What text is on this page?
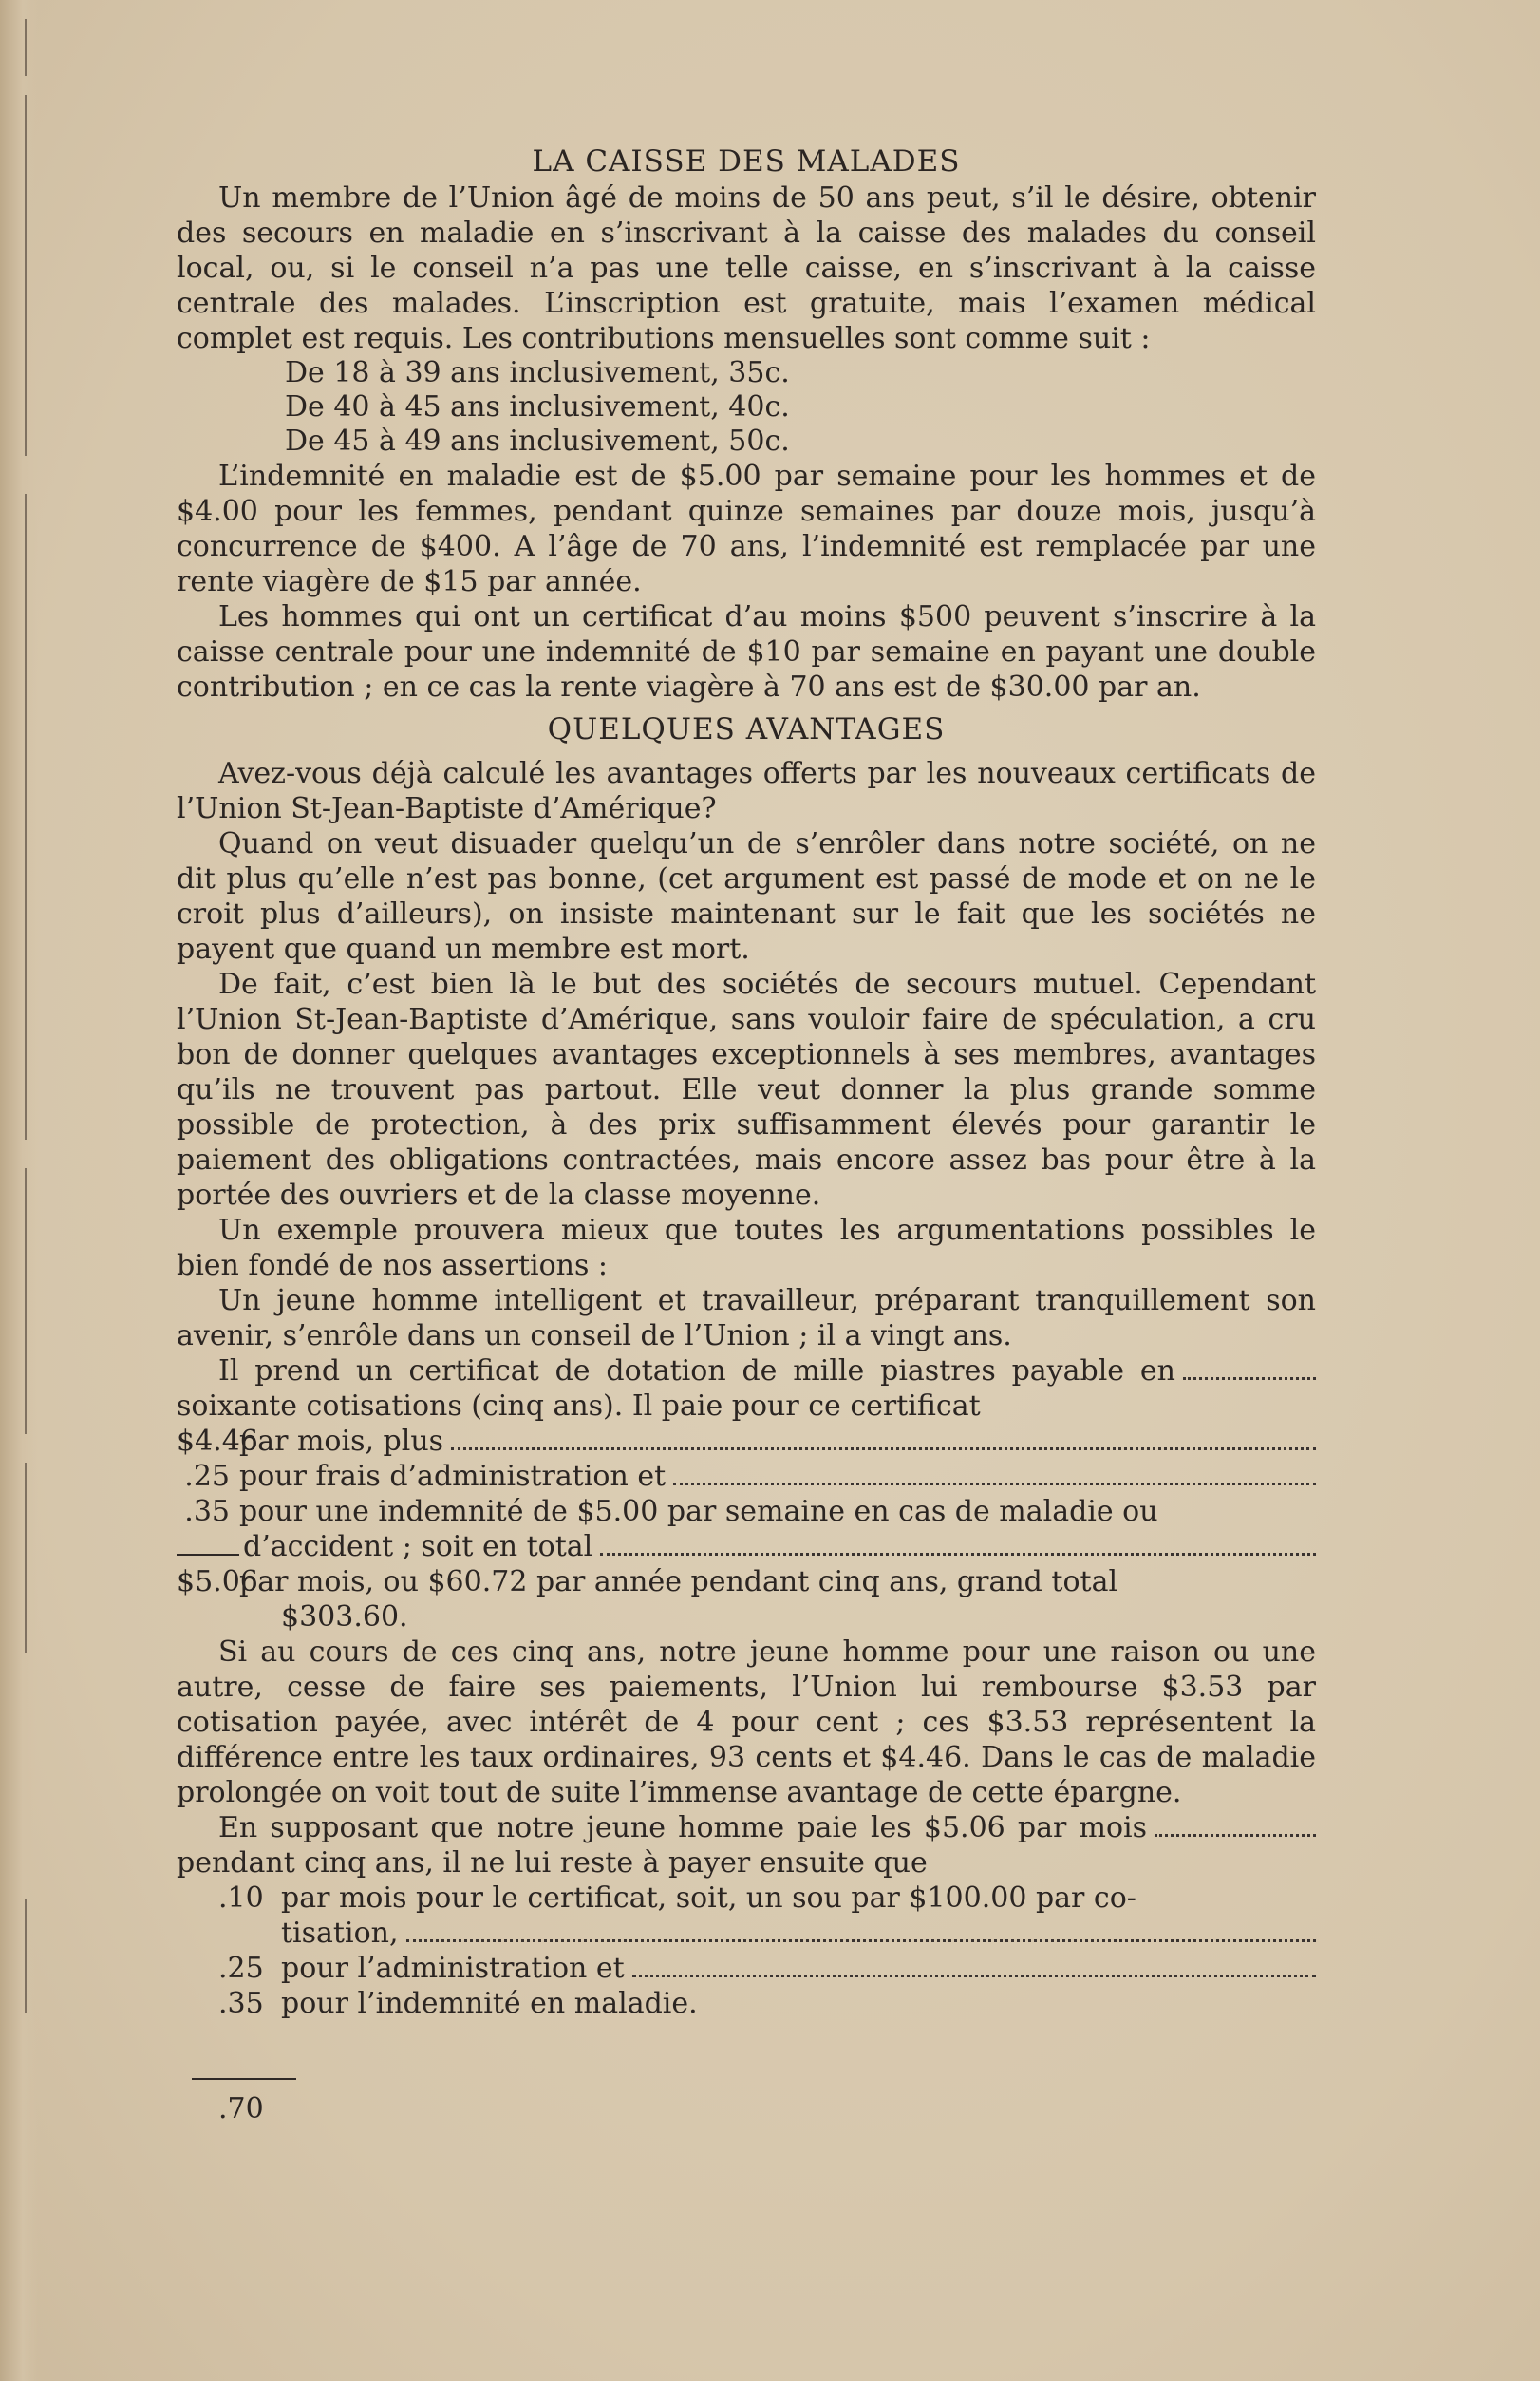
LA CAISSE DES MALADES

Un membre de l’Union âgé de moins de 50 ans peut, s’il le désire, obtenir des secours en maladie en s’inscrivant à la caisse des malades du conseil local, ou, si le conseil n’a pas une telle caisse, en s’inscrivant à la caisse centrale des malades. L’inscription est gratuite, mais l’examen médical complet est requis. Les contributions mensuelles sont comme suit :

De 18 à 39 ans inclusivement, 35c.
De 40 à 45 ans inclusivement, 40c.
De 45 à 49 ans inclusivement, 50c.

L’indemnité en maladie est de $5.00 par semaine pour les hommes et de $4.00 pour les femmes, pendant quinze semaines par douze mois, jusqu’à concurrence de $400. A l’âge de 70 ans, l’indemnité est remplacée par une rente viagère de $15 par année.

Les hommes qui ont un certificat d’au moins $500 peuvent s’inscrire à la caisse centrale pour une indemnité de $10 par semaine en payant une double contribution ; en ce cas la rente viagère à 70 ans est de $30.00 par an.

QUELQUES AVANTAGES

Avez-vous déjà calculé les avantages offerts par les nouveaux certificats de l’Union St-Jean-Baptiste d’Amérique?

Quand on veut disuader quelqu’un de s’enrôler dans notre société, on ne dit plus qu’elle n’est pas bonne, (cet argument est passé de mode et on ne le croit plus d’ailleurs), on insiste maintenant sur le fait que les sociétés ne payent que quand un membre est mort.

De fait, c’est bien là le but des sociétés de secours mutuel. Cependant l’Union St-Jean-Baptiste d’Amérique, sans vouloir faire de spéculation, a cru bon de donner quelques avantages exceptionnels à ses membres, avantages qu’ils ne trouvent pas partout. Elle veut donner la plus grande somme possible de protection, à des prix suffisamment élevés pour garantir le paiement des obligations contractées, mais encore assez bas pour être à la portée des ouvriers et de la classe moyenne.

Un exemple prouvera mieux que toutes les argumentations possibles le bien fondé de nos assertions :

Un jeune homme intelligent et travailleur, préparant tranquillement son avenir, s’enrôle dans un conseil de l’Union ; il a vingt ans.

Il prend un certificat de dotation de mille piastres payable en soixante cotisations (cinq ans). Il paie pour ce certificat
$4.46
par mois, plus
.25 pour frais d’administration et
.35 pour une indemnité de $5.00 par semaine en cas de maladie ou
d’accident ; soit en total
$5.06
par mois, ou $60.72 par année pendant cinq ans, grand total
$303.60.

Si au cours de ces cinq ans, notre jeune homme pour une raison ou une autre, cesse de faire ses paiements, l’Union lui rembourse $3.53 par cotisation payée, avec intérêt de 4 pour cent ; ces $3.53 représentent la différence entre les taux ordinaires, 93 cents et $4.46. Dans le cas de maladie prolongée on voit tout de suite l’immense avantage de cette épargne.

En supposant que notre jeune homme paie les $5.06 par mois pendant cinq ans, il ne lui reste à payer ensuite que
.10 par mois pour le certificat, soit, un sou par $100.00 par co-
tisation,
.25 pour l’administration et
.35 pour l’indemnité en maladie.
.70
